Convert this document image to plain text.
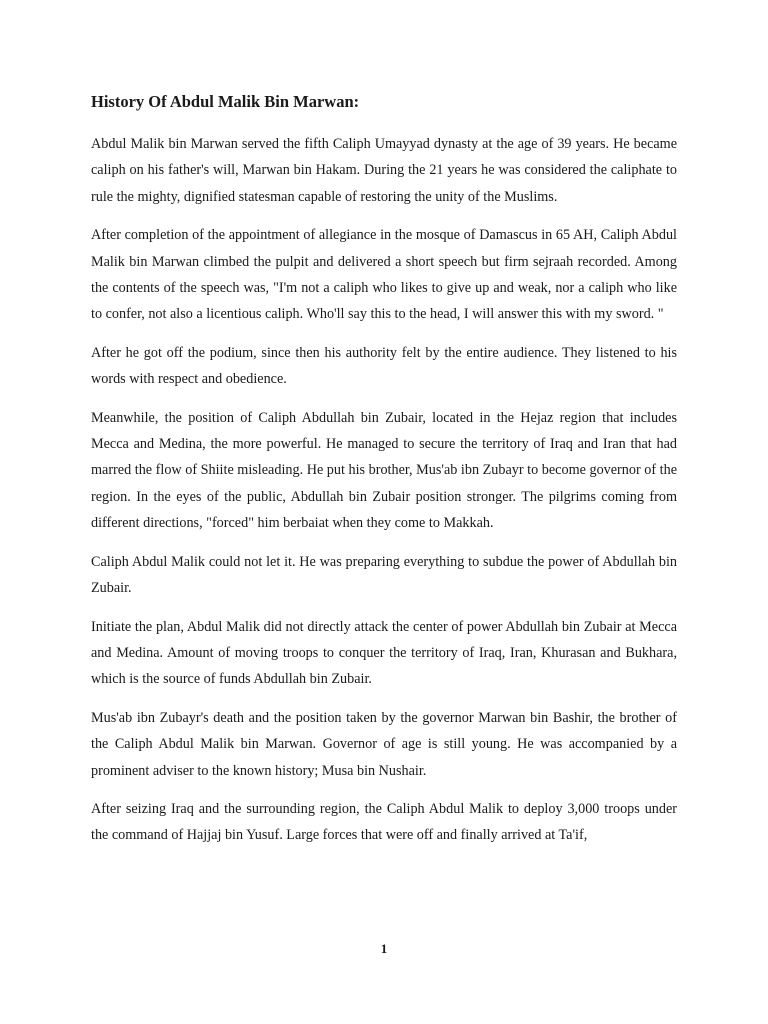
History Of Abdul Malik Bin Marwan:

Abdul Malik bin Marwan served the fifth Caliph Umayyad dynasty at the age of 39 years. He became caliph on his father's will, Marwan bin Hakam. During the 21 years he was considered the caliphate to rule the mighty, dignified statesman capable of restoring the unity of the Muslims.

After completion of the appointment of allegiance in the mosque of Damascus in 65 AH, Caliph Abdul Malik bin Marwan climbed the pulpit and delivered a short speech but firm sejraah recorded. Among the contents of the speech was, "I'm not a caliph who likes to give up and weak, nor a caliph who like to confer, not also a licentious caliph. Who'll say this to the head, I will answer this with my sword. "

After he got off the podium, since then his authority felt by the entire audience. They listened to his words with respect and obedience.

Meanwhile, the position of Caliph Abdullah bin Zubair, located in the Hejaz region that includes Mecca and Medina, the more powerful. He managed to secure the territory of Iraq and Iran that had marred the flow of Shiite misleading. He put his brother, Mus'ab ibn Zubayr to become governor of the region. In the eyes of the public, Abdullah bin Zubair position stronger. The pilgrims coming from different directions, "forced" him berbaiat when they come to Makkah.

Caliph Abdul Malik could not let it. He was preparing everything to subdue the power of Abdullah bin Zubair.

Initiate the plan, Abdul Malik did not directly attack the center of power Abdullah bin Zubair at Mecca and Medina. Amount of moving troops to conquer the territory of Iraq, Iran, Khurasan and Bukhara, which is the source of funds Abdullah bin Zubair.

Mus'ab ibn Zubayr's death and the position taken by the governor Marwan bin Bashir, the brother of the Caliph Abdul Malik bin Marwan. Governor of age is still young. He was accompanied by a prominent adviser to the known history; Musa bin Nushair.

After seizing Iraq and the surrounding region, the Caliph Abdul Malik to deploy 3,000 troops under the command of Hajjaj bin Yusuf. Large forces that were off and finally arrived at Ta'if,

1
